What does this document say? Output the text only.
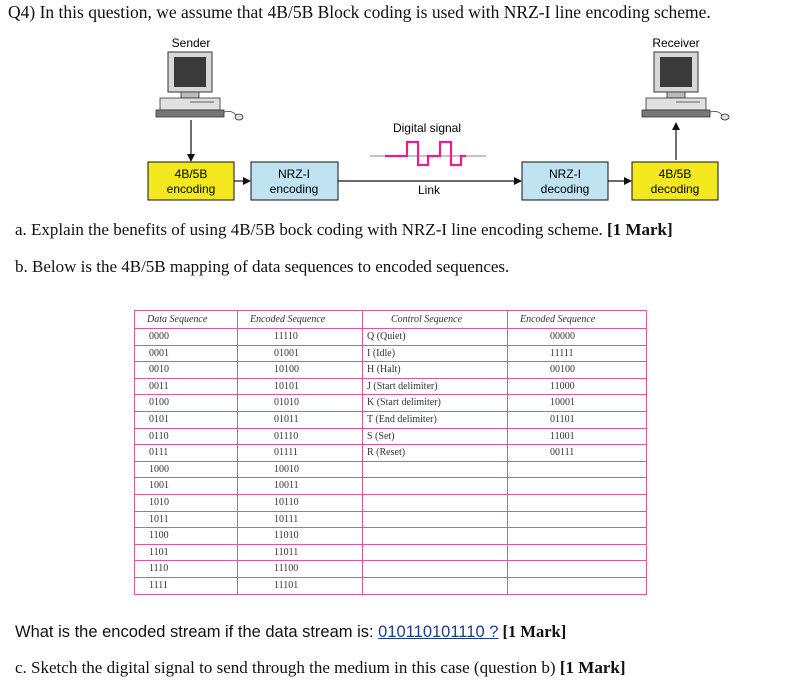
Q4) In this question, we assume that 4B/5B Block coding is used with NRZ-I line encoding scheme.
Sender	Receiver
Digital signal
Link
4B/5B
encoding
NRZ-I
encoding
NRZ-I
decoding
4B/5B
decoding
a. Explain the benefits of using 4B/5B bock coding with NRZ-I line encoding scheme. [1 Mark]
b. Below is the 4B/5B mapping of data sequences to encoded sequences.
Data Sequence	Encoded Sequence	Control Sequence	Encoded Sequence
0000	11110	Q (Quiet)	00000
0001	01001	I (Idle)	11111
0010	10100	H (Halt)	00100
0011	10101	J (Start delimiter)	11000
0100	01010	K (Start delimiter)	10001
0101	01011	T (End delimiter)	01101
0110	01110	S (Set)	11001
0111	01111	R (Reset)	00111
1000	10010		
1001	10011		
1010	10110		
1011	10111		
1100	11010		
1101	11011		
1110	11100		
1111	11101		
What is the encoded stream if the data stream is: 010110101110 ? [1 Mark]
c. Sketch the digital signal to send through the medium in this case (question b) [1 Mark]
